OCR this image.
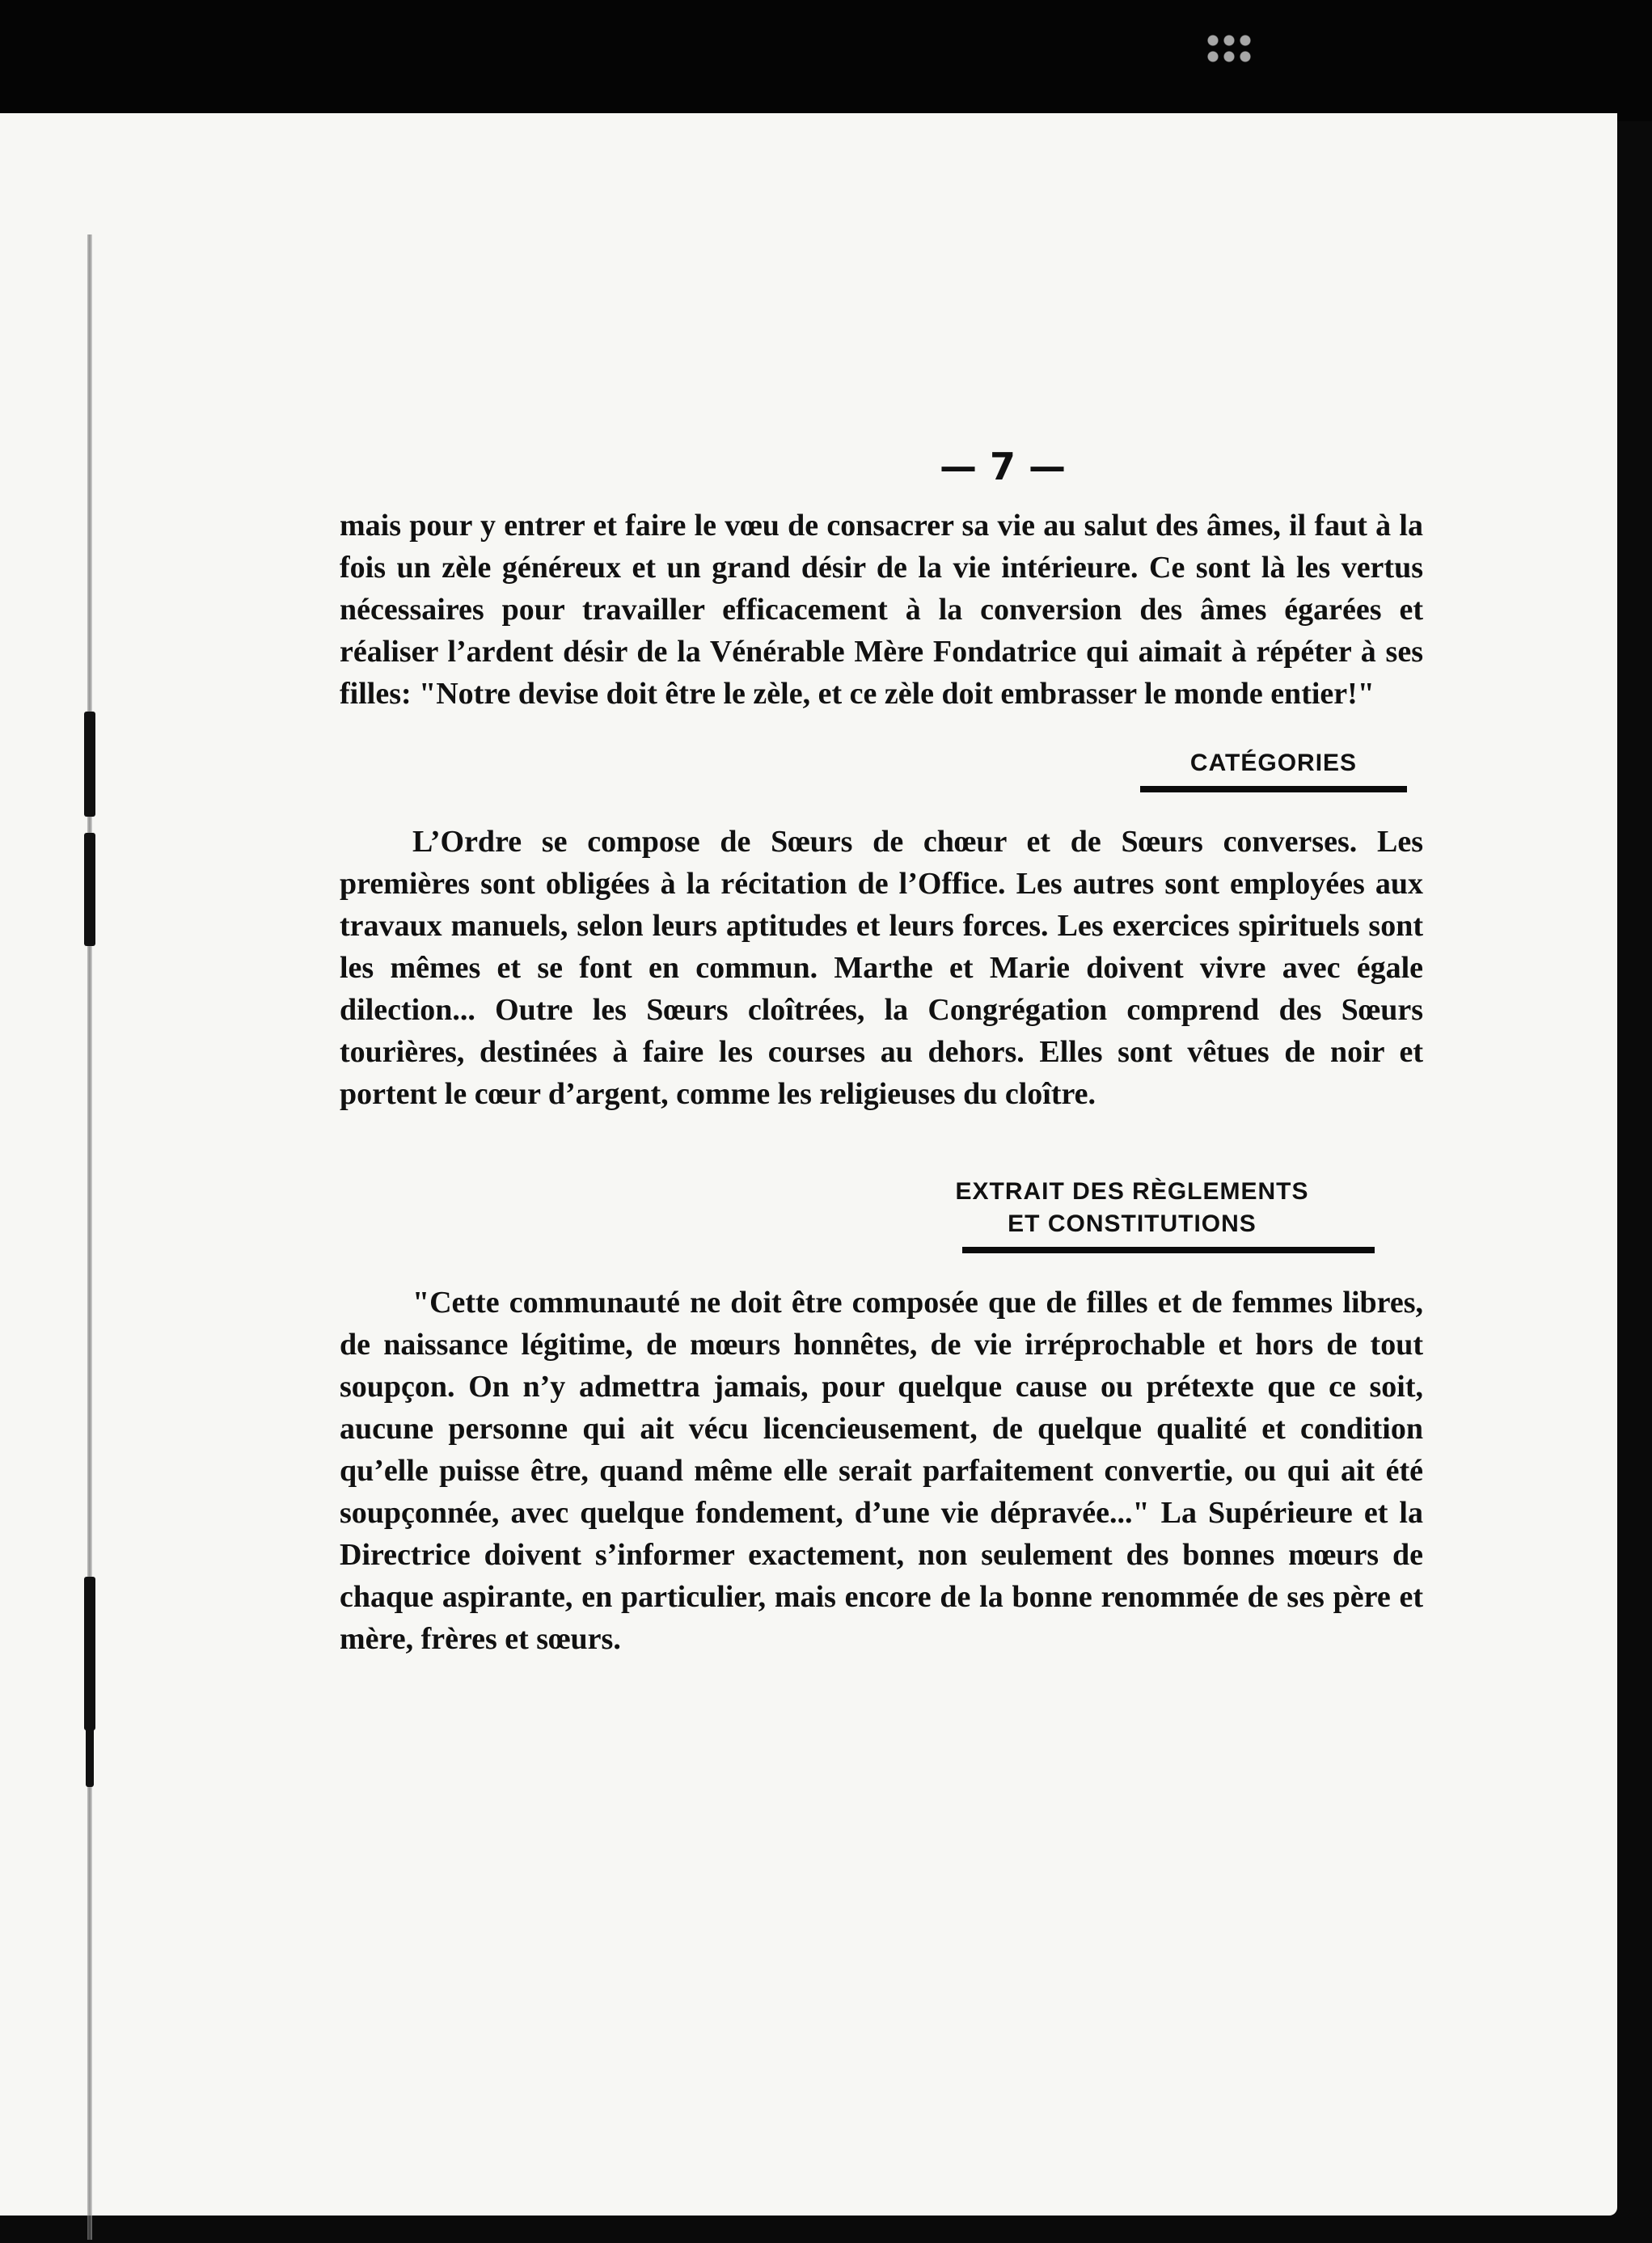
— 7 —

mais pour y entrer et faire le vœu de consacrer sa vie au salut des âmes, il faut à la fois un zèle généreux et un grand désir de la vie intérieure. Ce sont là les vertus nécessaires pour travailler efficacement à la conversion des âmes égarées et réaliser l’ardent désir de la Vénérable Mère Fondatrice qui aimait à répéter à ses filles: "Notre devise doit être le zèle, et ce zèle doit embrasser le monde entier!"

CATÉGORIES

L’Ordre se compose de Sœurs de chœur et de Sœurs converses. Les premières sont obligées à la récitation de l’Office. Les autres sont employées aux travaux manuels, selon leurs aptitudes et leurs forces. Les exercices spirituels sont les mêmes et se font en commun. Marthe et Marie doivent vivre avec égale dilection... Outre les Sœurs cloîtrées, la Congrégation comprend des Sœurs tourières, destinées à faire les courses au dehors. Elles sont vêtues de noir et portent le cœur d’argent, comme les religieuses du cloître.

EXTRAIT DES RÈGLEMENTS
ET CONSTITUTIONS

"Cette communauté ne doit être composée que de filles et de femmes libres, de naissance légitime, de mœurs honnêtes, de vie irréprochable et hors de tout soupçon. On n’y admettra jamais, pour quelque cause ou prétexte que ce soit, aucune personne qui ait vécu licencieusement, de quelque qualité et condition qu’elle puisse être, quand même elle serait parfaitement convertie, ou qui ait été soupçonnée, avec quelque fondement, d’une vie dépravée..." La Supérieure et la Directrice doivent s’informer exactement, non seulement des bonnes mœurs de chaque aspirante, en particulier, mais encore de la bonne renommée de ses père et mère, frères et sœurs.
